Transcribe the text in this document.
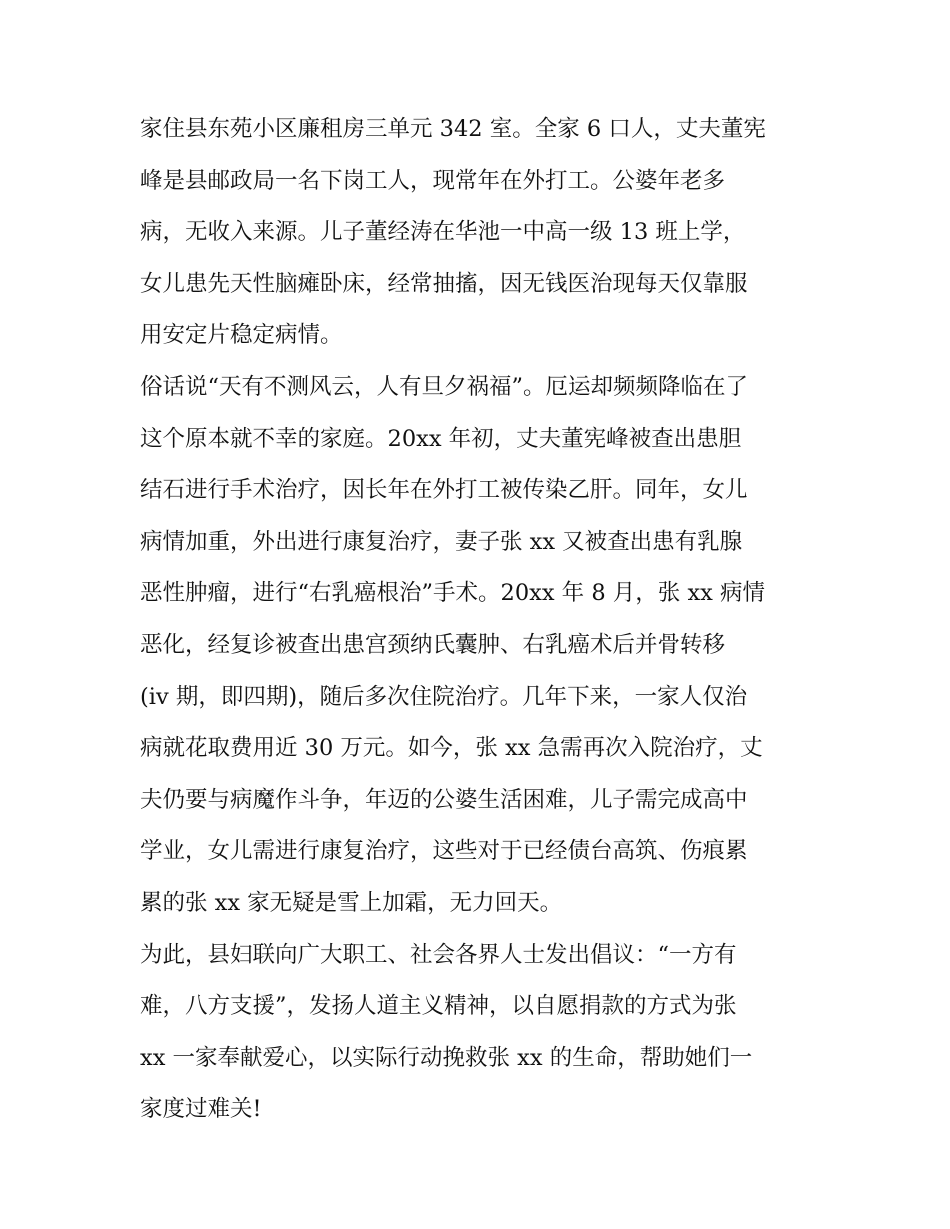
家住县东苑小区廉租房三单元 342 室。全家 6 口人，丈夫董宪
峰是县邮政局一名下岗工人，现常年在外打工。公婆年老多
病，无收入来源。儿子董经涛在华池一中高一级 13 班上学，
女儿患先天性脑瘫卧床，经常抽搐，因无钱医治现每天仅靠服
用安定片稳定病情。
俗话说“天有不测风云，人有旦夕祸福”。厄运却频频降临在了
这个原本就不幸的家庭。20xx 年初，丈夫董宪峰被查出患胆
结石进行手术治疗，因长年在外打工被传染乙肝。同年，女儿
病情加重，外出进行康复治疗，妻子张 xx 又被查出患有乳腺
恶性肿瘤，进行“右乳癌根治”手术。20xx 年 8 月，张 xx 病情
恶化，经复诊被查出患宫颈纳氏囊肿、右乳癌术后并骨转移
(iv 期，即四期)，随后多次住院治疗。几年下来，一家人仅治
病就花取费用近 30 万元。如今，张 xx 急需再次入院治疗，丈
夫仍要与病魔作斗争，年迈的公婆生活困难，儿子需完成高中
学业，女儿需进行康复治疗，这些对于已经债台高筑、伤痕累
累的张 xx 家无疑是雪上加霜，无力回天。
为此，县妇联向广大职工、社会各界人士发出倡议：“一方有
难，八方支援”，发扬人道主义精神，以自愿捐款的方式为张
xx 一家奉献爱心，以实际行动挽救张 xx 的生命，帮助她们一
家度过难关!
